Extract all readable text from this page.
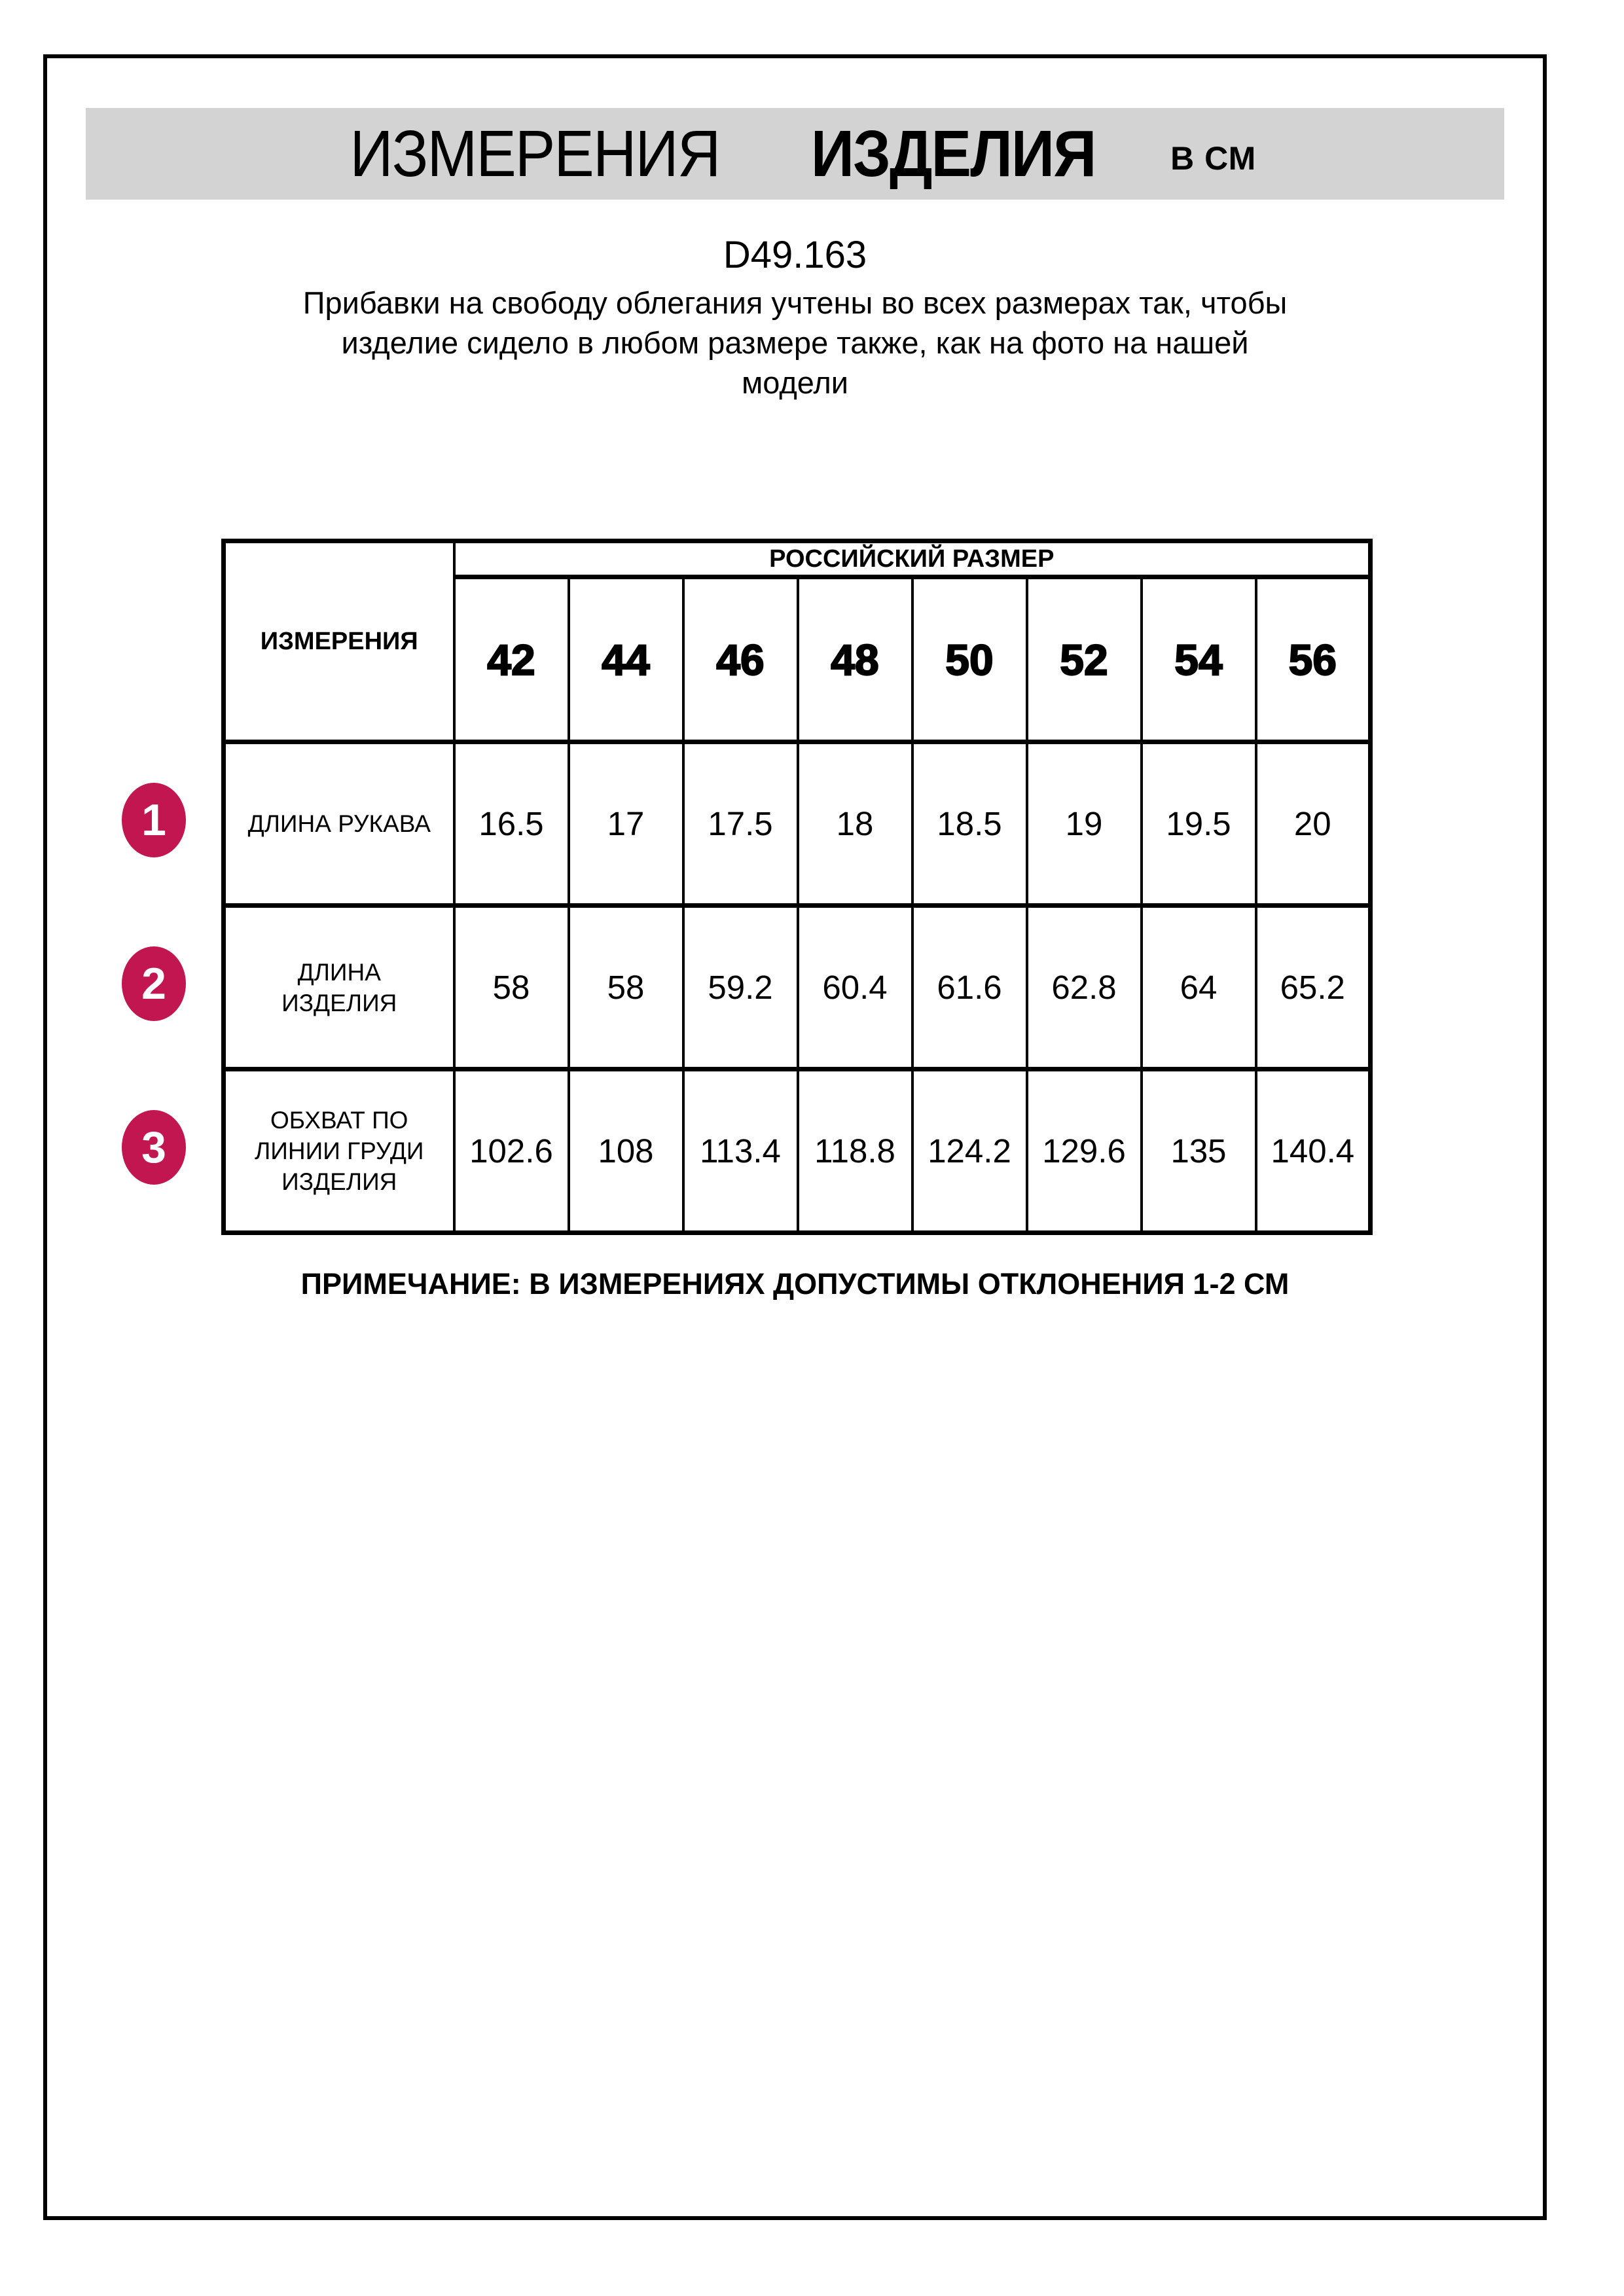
ИЗМЕРЕНИЯ ИЗДЕЛИЯ В СМ
D49.163
Прибавки на свободу облегания учтены во всех размерах так, чтобы
изделие сидело в любом размере также, как на фото на нашей
модели
ИЗМЕРЕНИЯ	РОССИЙСКИЙ РАЗМЕР							
	42	44	46	48	50	52	54	56

ДЛИНА РУКАВА	16.5	17	17.5	18	18.5	19	19.5	20

ДЛИНА
ИЗДЕЛИЯ	58	58	59.2	60.4	61.6	62.8	64	65.2

ОБХВАТ ПО
ЛИНИИ ГРУДИ
ИЗДЕЛИЯ	102.6	108	113.4	118.8	124.2	129.6	135	140.4
1
2
3
ПРИМЕЧАНИЕ: В ИЗМЕРЕНИЯХ ДОПУСТИМЫ ОТКЛОНЕНИЯ 1-2 СМ
